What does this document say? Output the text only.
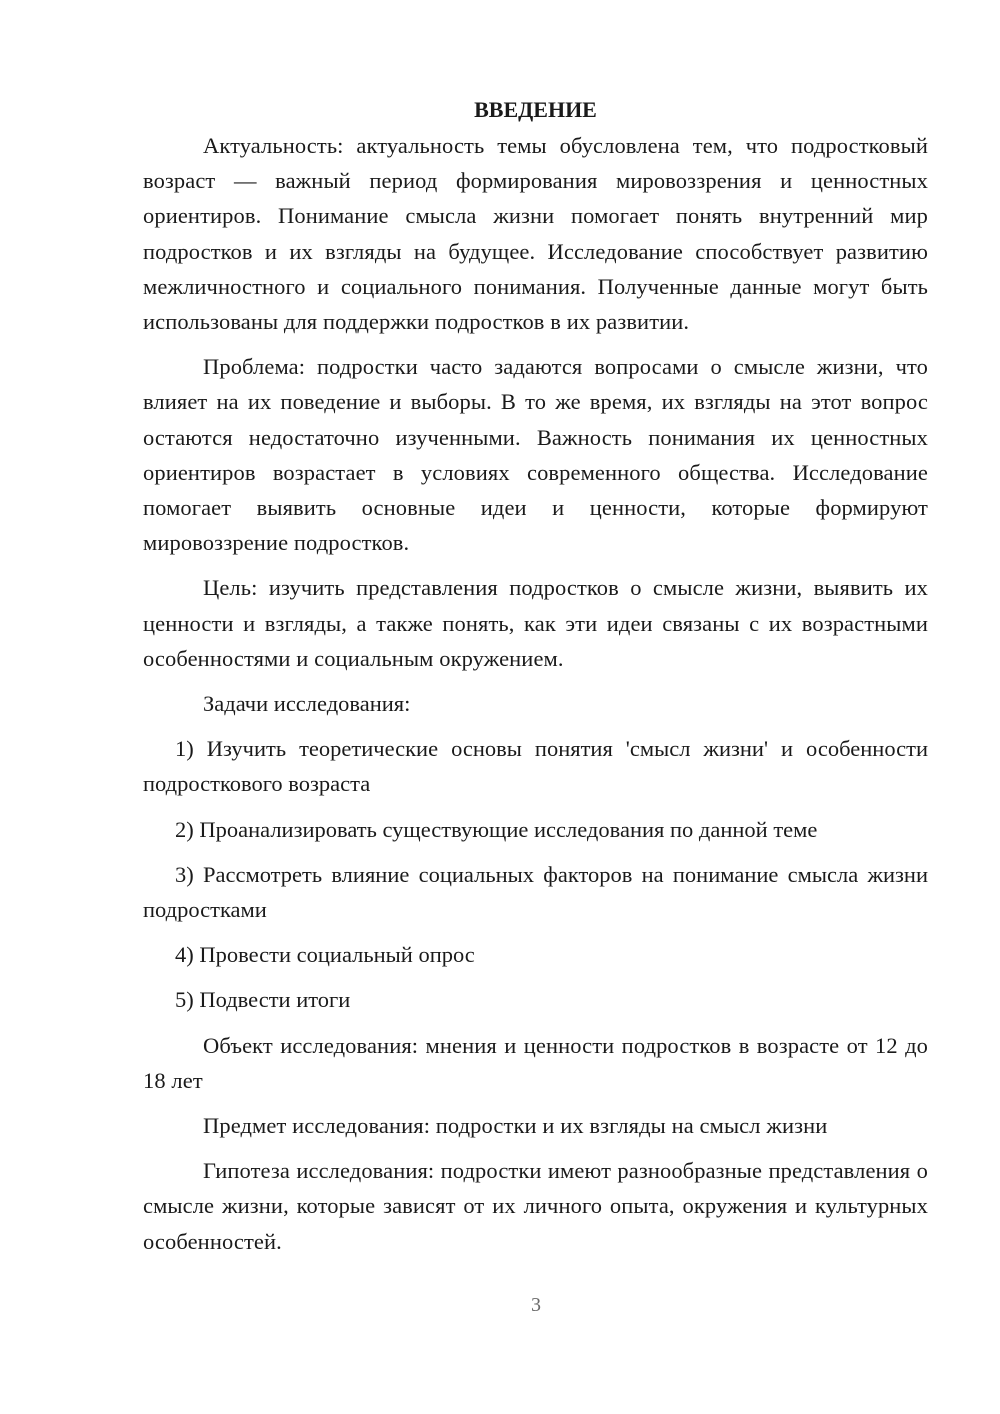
ВВЕДЕНИЕ

Актуальность: актуальность темы обусловлена тем, что подростковый возраст — важный период формирования мировоззрения и ценностных ориентиров. Понимание смысла жизни помогает понять внутренний мир подростков и их взгляды на будущее. Исследование способствует развитию межличностного и социального понимания. Полученные данные могут быть использованы для поддержки подростков в их развитии.

Проблема: подростки часто задаются вопросами о смысле жизни, что влияет на их поведение и выборы. В то же время, их взгляды на этот вопрос остаются недостаточно изученными. Важность понимания их ценностных ориентиров возрастает в условиях современного общества. Исследование помогает выявить основные идеи и ценности, которые формируют мировоззрение подростков.

Цель: изучить представления подростков о смысле жизни, выявить их ценности и взгляды, а также понять, как эти идеи связаны с их возрастными особенностями и социальным окружением.

Задачи исследования:

1) Изучить теоретические основы понятия 'смысл жизни' и особенности подросткового возраста

2) Проанализировать существующие исследования по данной теме

3) Рассмотреть влияние социальных факторов на понимание смысла жизни подростками

4) Провести социальный опрос

5) Подвести итоги

Объект исследования: мнения и ценности подростков в возрасте от 12 до 18 лет

Предмет исследования: подростки и их взгляды на смысл жизни

Гипотеза исследования: подростки имеют разнообразные представления о смысле жизни, которые зависят от их личного опыта, окружения и культурных особенностей.

3
